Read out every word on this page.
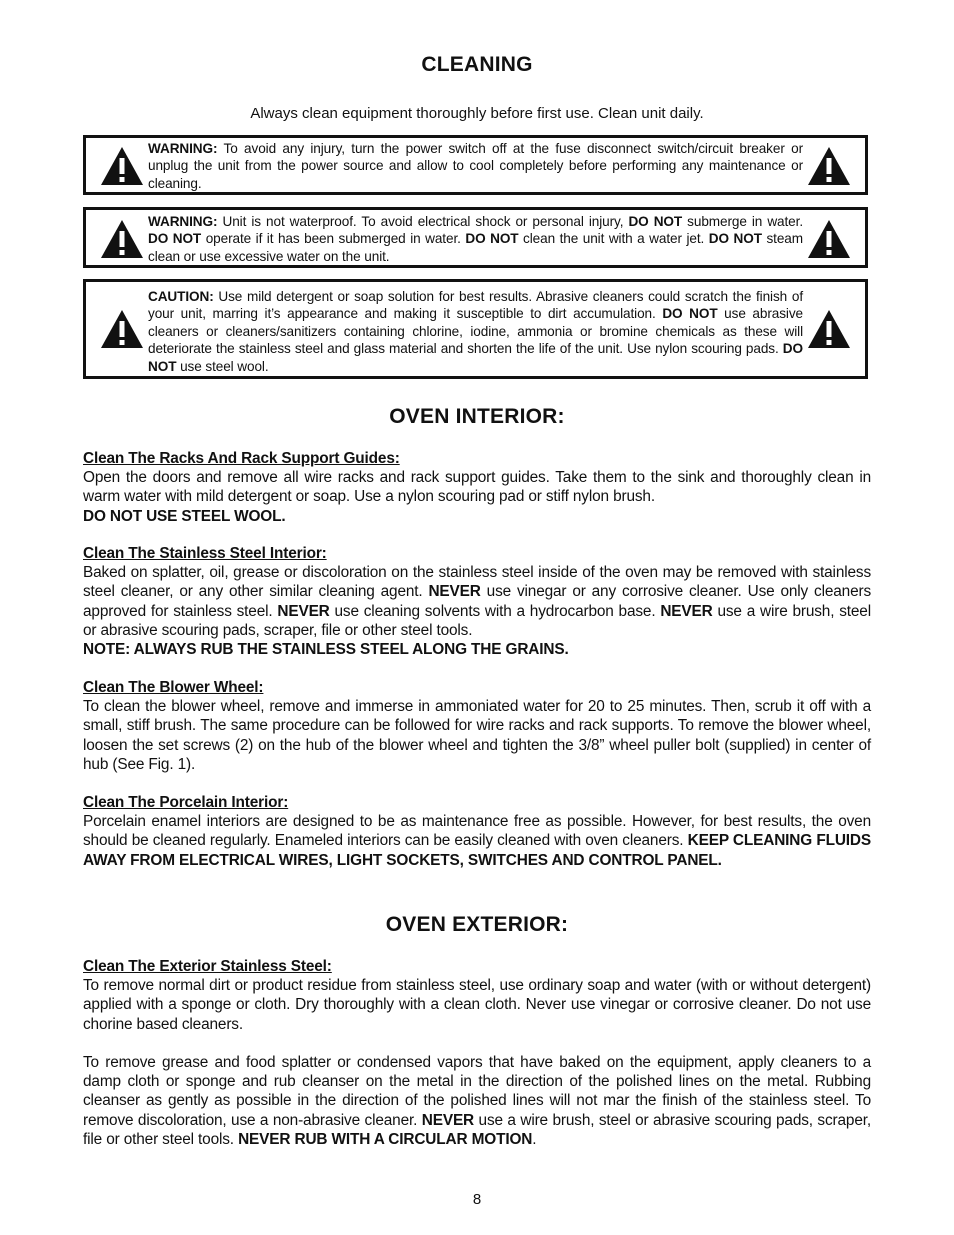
CLEANING
Always clean equipment thoroughly before first use. Clean unit daily.
WARNING: To avoid any injury, turn the power switch off at the fuse disconnect switch/circuit breaker or unplug the unit from the power source and allow to cool completely before performing any maintenance or cleaning.
WARNING: Unit is not waterproof. To avoid electrical shock or personal injury, DO NOT submerge in water. DO NOT operate if it has been submerged in water. DO NOT clean the unit with a water jet. DO NOT steam clean or use excessive water on the unit.
CAUTION: Use mild detergent or soap solution for best results. Abrasive cleaners could scratch the finish of your unit, marring it’s appearance and making it susceptible to dirt accumulation. DO NOT use abrasive cleaners or cleaners/sanitizers containing chlorine, iodine, ammonia or bromine chemicals as these will deteriorate the stainless steel and glass material and shorten the life of the unit. Use nylon scouring pads. DO NOT use steel wool.
OVEN INTERIOR:
Clean The Racks And Rack Support Guides:

Open the doors and remove all wire racks and rack support guides. Take them to the sink and thoroughly clean in warm water with mild detergent or soap. Use a nylon scouring pad or stiff nylon brush.

DO NOT USE STEEL WOOL.

Clean The Stainless Steel Interior:

Baked on splatter, oil, grease or discoloration on the stainless steel inside of the oven may be removed with stainless steel cleaner, or any other similar cleaning agent. NEVER use vinegar or any corrosive cleaner. Use only cleaners approved for stainless steel. NEVER use cleaning solvents with a hydrocarbon base. NEVER use a wire brush, steel or abrasive scouring pads, scraper, file or other steel tools.

NOTE: ALWAYS RUB THE STAINLESS STEEL ALONG THE GRAINS.

Clean The Blower Wheel:

To clean the blower wheel, remove and immerse in ammoniated water for 20 to 25 minutes. Then, scrub it off with a small, stiff brush. The same procedure can be followed for wire racks and rack supports. To remove the blower wheel, loosen the set screws (2) on the hub of the blower wheel and tighten the 3/8” wheel puller bolt (supplied) in center of hub (See Fig. 1).

Clean The Porcelain Interior:

Porcelain enamel interiors are designed to be as maintenance free as possible. However, for best results, the oven should be cleaned regularly. Enameled interiors can be easily cleaned with oven cleaners. KEEP CLEANING FLUIDS AWAY FROM ELECTRICAL WIRES, LIGHT SOCKETS, SWITCHES AND CONTROL PANEL.

OVEN EXTERIOR:
Clean The Exterior Stainless Steel:

To remove normal dirt or product residue from stainless steel, use ordinary soap and water (with or without detergent) applied with a sponge or cloth. Dry thoroughly with a clean cloth. Never use vinegar or corrosive cleaner. Do not use chorine based cleaners.

To remove grease and food splatter or condensed vapors that have baked on the equipment, apply cleaners to a damp cloth or sponge and rub cleanser on the metal in the direction of the polished lines on the metal. Rubbing cleanser as gently as possible in the direction of the polished lines will not mar the finish of the stainless steel. To remove discoloration, use a non-abrasive cleaner. NEVER use a wire brush, steel or abrasive scouring pads, scraper, file or other steel tools. NEVER RUB WITH A CIRCULAR MOTION.

8
